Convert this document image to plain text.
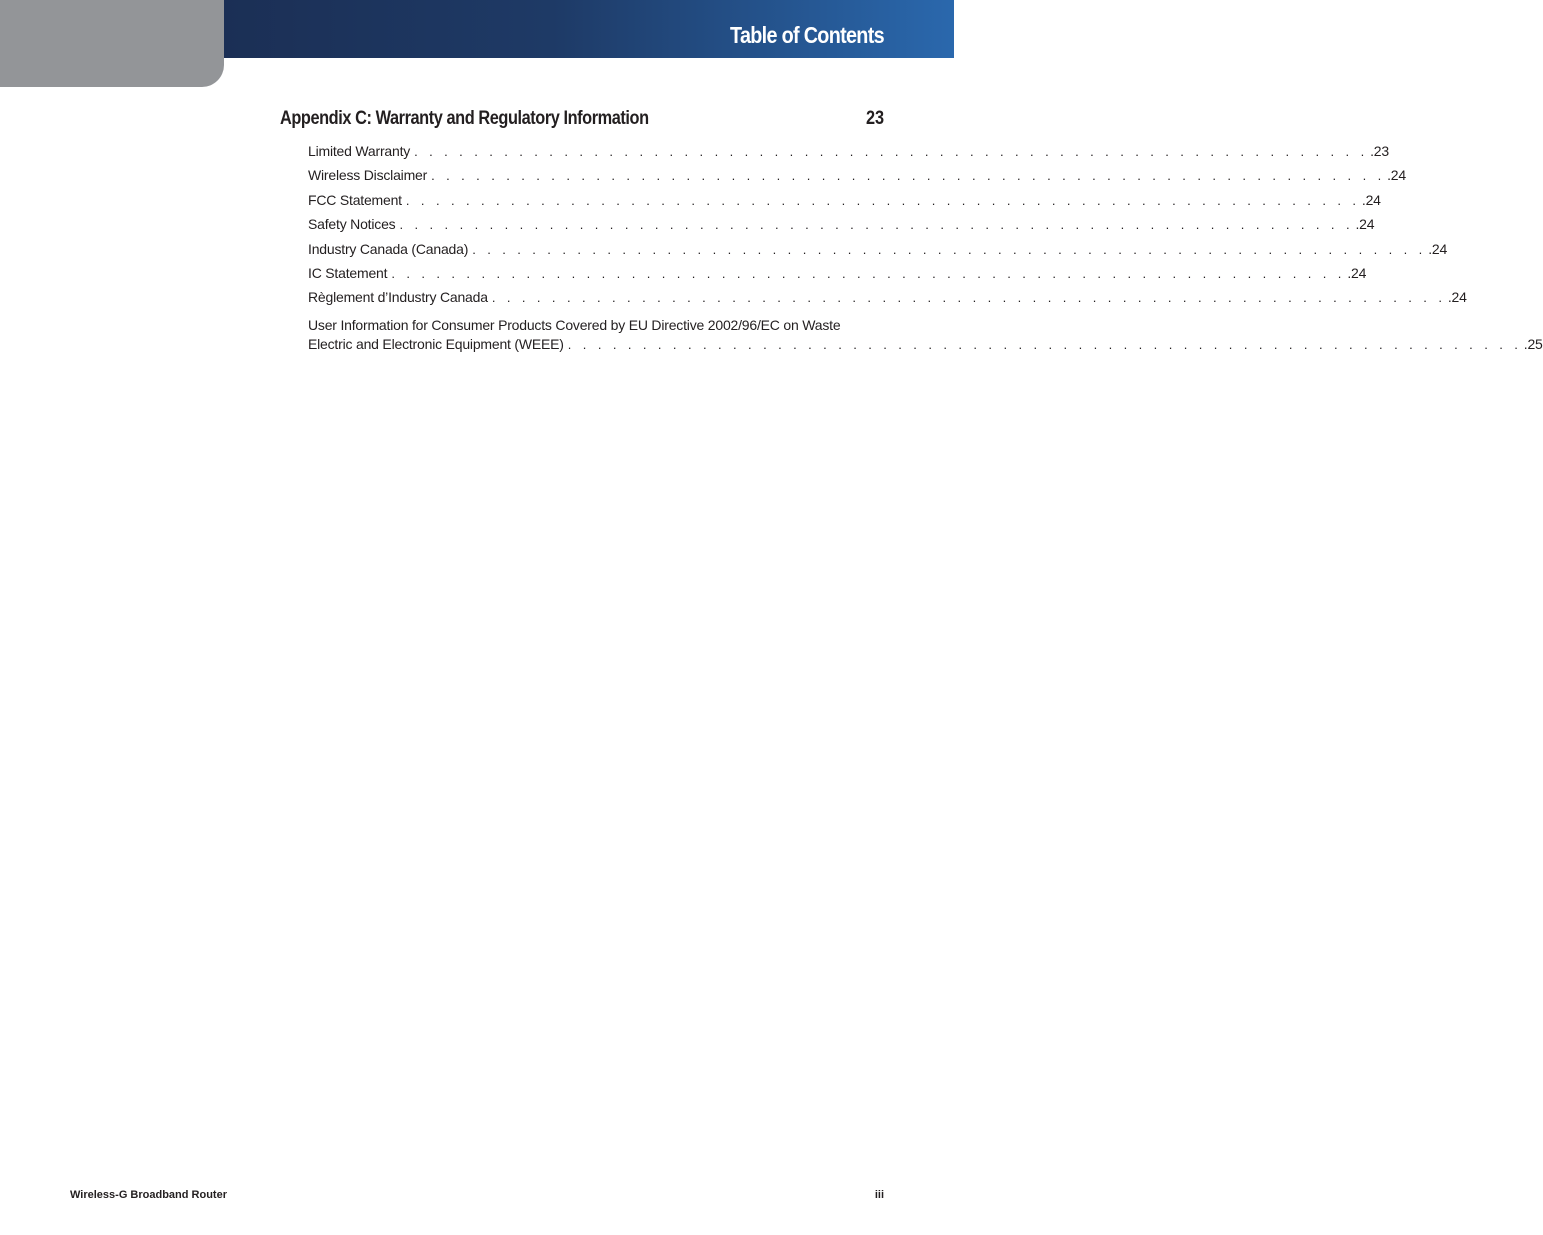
Table of Contents
Appendix C: Warranty and Regulatory Information	23
Limited Warranty . . . . . . . . . . . . . . . . . . . . . . . . . . . . . . . . . . . . . . . . . . . . . . . . . . . . . . . . . . . . . . . . .23
Wireless Disclaimer . . . . . . . . . . . . . . . . . . . . . . . . . . . . . . . . . . . . . . . . . . . . . . . . . . . . . . . . . . . . . . . . .24
FCC Statement . . . . . . . . . . . . . . . . . . . . . . . . . . . . . . . . . . . . . . . . . . . . . . . . . . . . . . . . . . . . . . . . .24
Safety Notices . . . . . . . . . . . . . . . . . . . . . . . . . . . . . . . . . . . . . . . . . . . . . . . . . . . . . . . . . . . . . . . . .24
Industry Canada (Canada) . . . . . . . . . . . . . . . . . . . . . . . . . . . . . . . . . . . . . . . . . . . . . . . . . . . . . . . . . . . . . . . . .24
IC Statement . . . . . . . . . . . . . . . . . . . . . . . . . . . . . . . . . . . . . . . . . . . . . . . . . . . . . . . . . . . . . . . . .24
Règlement d’Industry Canada . . . . . . . . . . . . . . . . . . . . . . . . . . . . . . . . . . . . . . . . . . . . . . . . . . . . . . . . . . . . . . . . .24
User Information for Consumer Products Covered by EU Directive 2002/96/EC on Waste
Electric and Electronic Equipment (WEEE) . . . . . . . . . . . . . . . . . . . . . . . . . . . . . . . . . . . . . . . . . . . . . . . . . . . . . . . . . . . . . . . . .25
Wireless-G Broadband Router	iii
